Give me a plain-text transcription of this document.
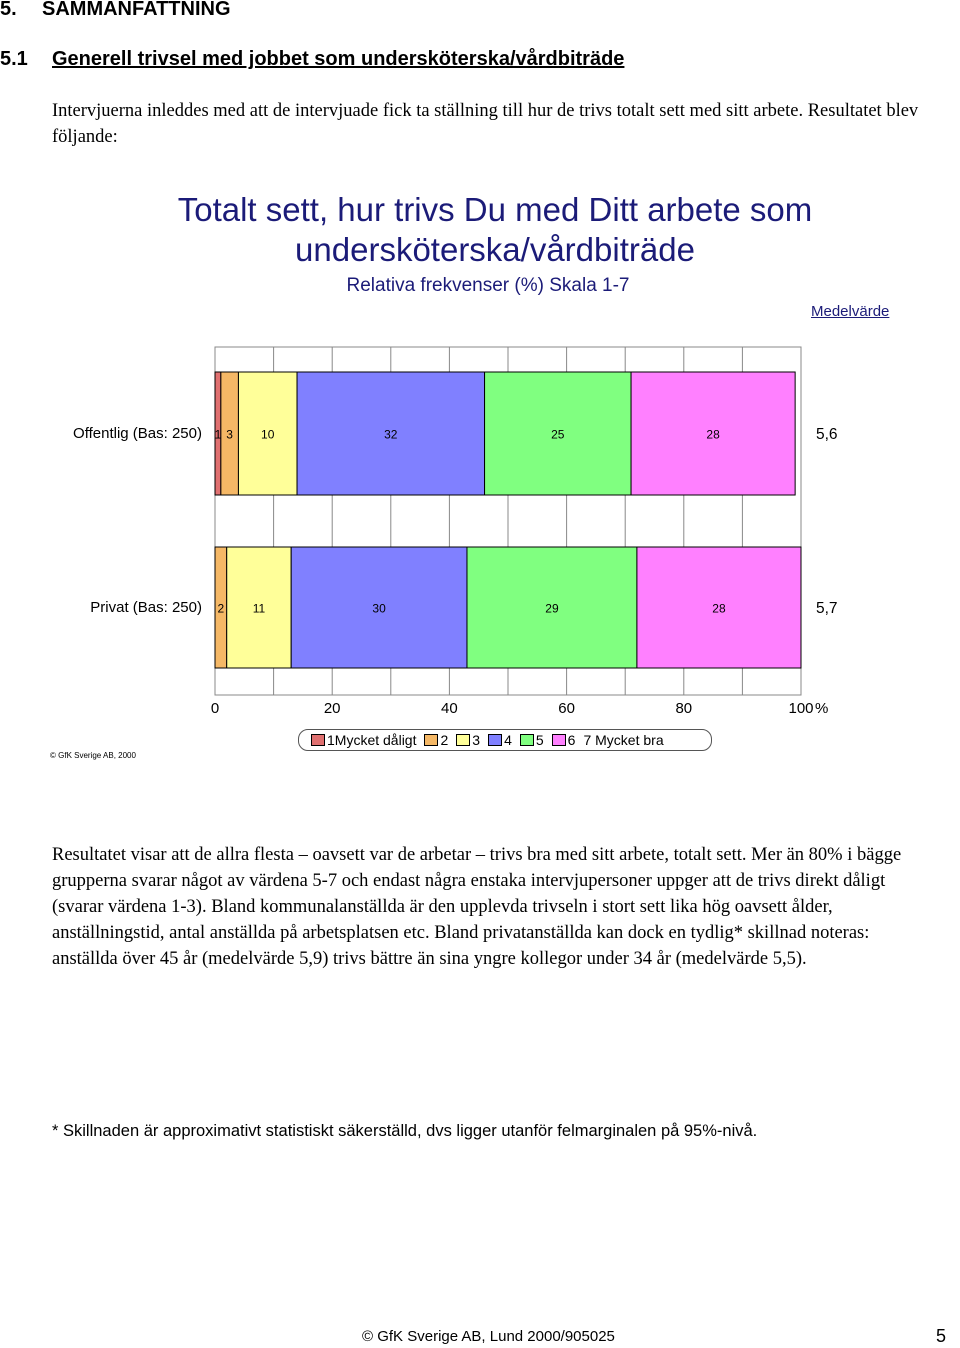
5. SAMMANFATTNING
5.1 Generell trivsel med jobbet som undersköterska/vårdbiträde
Intervjuerna inleddes med att de intervjuade fick ta ställning till hur de trivs totalt sett med sitt arbete. Resultatet blev följande:
Totalt sett, hur trivs Du med Ditt arbete som
undersköterska/vårdbiträde
Relativa frekvenser (%) Skala 1-7
Medelvärde
1 3 10	32	25	28
2 11	30	29	28
Offentlig (Bas: 250)
Privat (Bas: 250)
5,6
5,7
0	20	40	60	80	100 %
1Mycket dåligt 2 3 4 5 6 7 Mycket bra
© GfK Sverige AB, 2000
Resultatet visar att de allra flesta – oavsett var de arbetar – trivs bra med sitt arbete, totalt sett. Mer än 80% i bägge grupperna svarar något av värdena 5-7 och endast några enstaka intervjupersoner uppger att de trivs direkt dåligt (svarar värdena 1-3). Bland kommunalanställda är den upplevda trivseln i stort sett lika hög oavsett ålder, anställningstid, antal anställda på arbetsplatsen etc. Bland privatanställda kan dock en tydlig* skillnad noteras: anställda över 45 år (medelvärde 5,9) trivs bättre än sina yngre kollegor under 34 år (medelvärde 5,5).
* Skillnaden är approximativt statistiskt säkerställd, dvs ligger utanför felmarginalen på 95%-nivå.
© GfK Sverige AB, Lund 2000/905025	5
